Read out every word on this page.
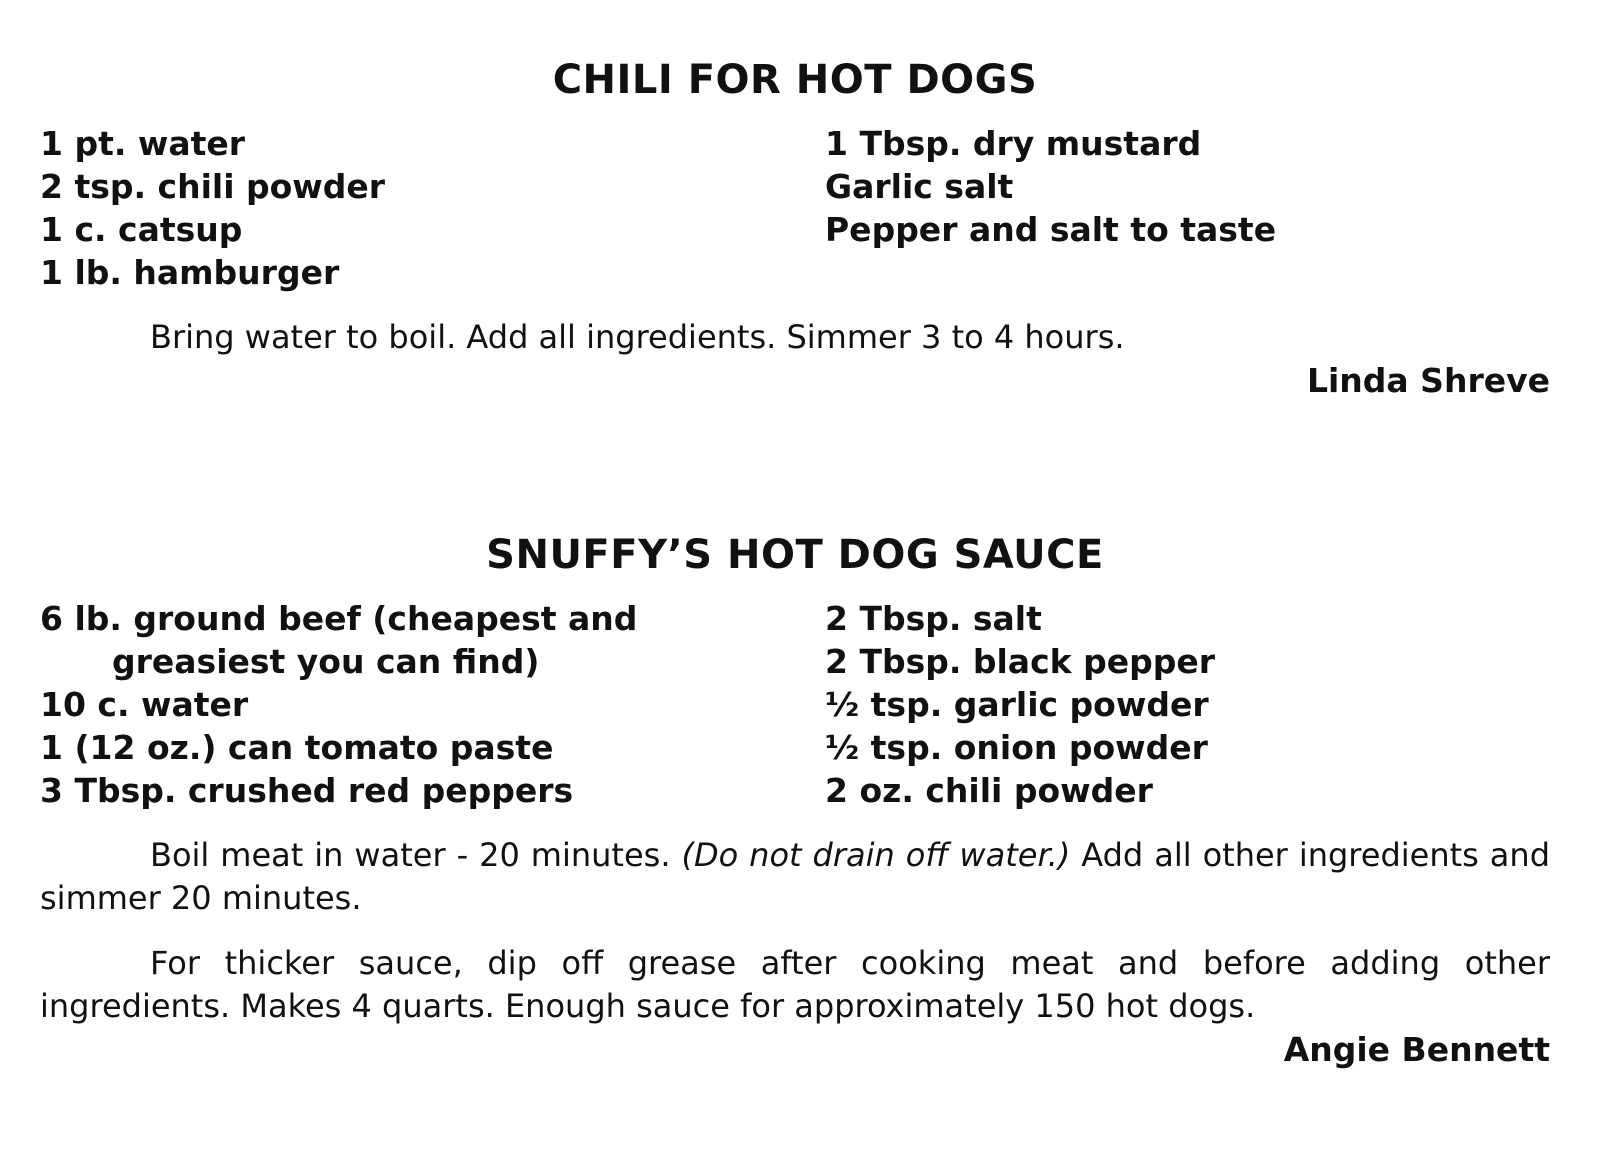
CHILI FOR HOT DOGS
1 pt. water
2 tsp. chili powder
1 c. catsup
1 lb. hamburger
1 Tbsp. dry mustard
Garlic salt
Pepper and salt to taste

Bring water to boil. Add all ingredients. Simmer 3 to 4 hours.

Linda Shreve
SNUFFY’S HOT DOG SAUCE
6 lb. ground beef (cheapest and
greasiest you can find)
10 c. water
1 (12 oz.) can tomato paste
3 Tbsp. crushed red peppers
2 Tbsp. salt
2 Tbsp. black pepper
½ tsp. garlic powder
½ tsp. onion powder
2 oz. chili powder

Boil meat in water - 20 minutes. (Do not drain off water.) Add all other ingredients and simmer 20 minutes.

For thicker sauce, dip off grease after cooking meat and before adding other ingredients. Makes 4 quarts. Enough sauce for approximately 150 hot dogs.

Angie Bennett
